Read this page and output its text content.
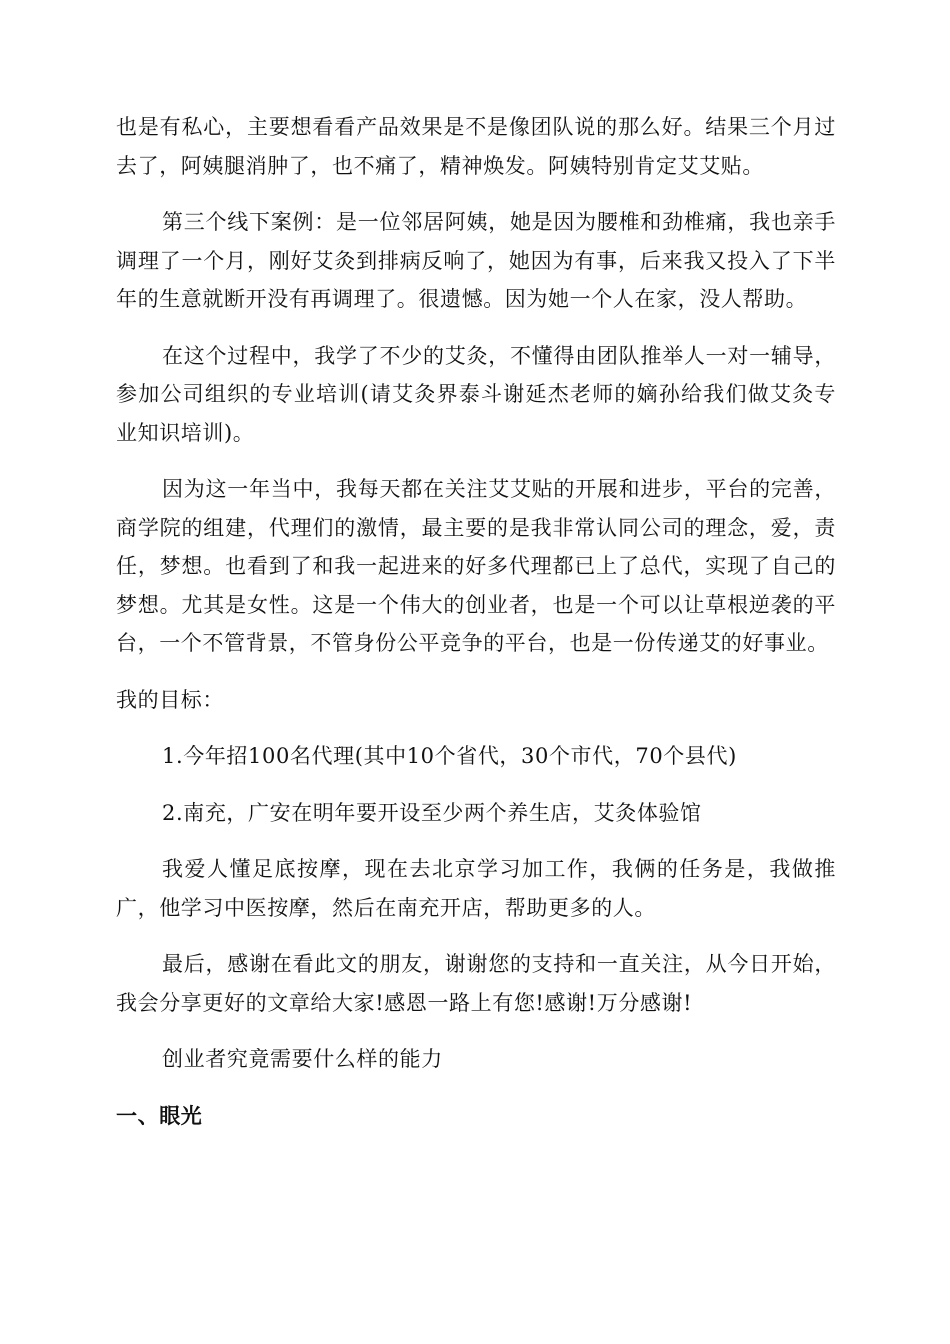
也是有私心，主要想看看产品效果是不是像团队说的那么好。结果三个月过去了，阿姨腿消肿了，也不痛了，精神焕发。阿姨特别肯定艾艾贴。

第三个线下案例：是一位邻居阿姨，她是因为腰椎和劲椎痛，我也亲手调理了一个月，刚好艾灸到排病反响了，她因为有事，后来我又投入了下半年的生意就断开没有再调理了。很遗憾。因为她一个人在家，没人帮助。

在这个过程中，我学了不少的艾灸，不懂得由团队推举人一对一辅导，参加公司组织的专业培训(请艾灸界泰斗谢延杰老师的嫡孙给我们做艾灸专业知识培训)。

因为这一年当中，我每天都在关注艾艾贴的开展和进步，平台的完善，商学院的组建，代理们的激情，最主要的是我非常认同公司的理念，爱，责任，梦想。也看到了和我一起进来的好多代理都已上了总代，实现了自己的梦想。尤其是女性。这是一个伟大的创业者，也是一个可以让草根逆袭的平台，一个不管背景，不管身份公平竞争的平台，也是一份传递艾的好事业。

我的目标：

1.今年招100名代理(其中10个省代，30个市代，70个县代)

2.南充，广安在明年要开设至少两个养生店，艾灸体验馆

我爱人懂足底按摩，现在去北京学习加工作，我俩的任务是，我做推广，他学习中医按摩，然后在南充开店，帮助更多的人。

最后，感谢在看此文的朋友，谢谢您的支持和一直关注，从今日开始，我会分享更好的文章给大家!感恩一路上有您!感谢!万分感谢!

创业者究竟需要什么样的能力

一、眼光
